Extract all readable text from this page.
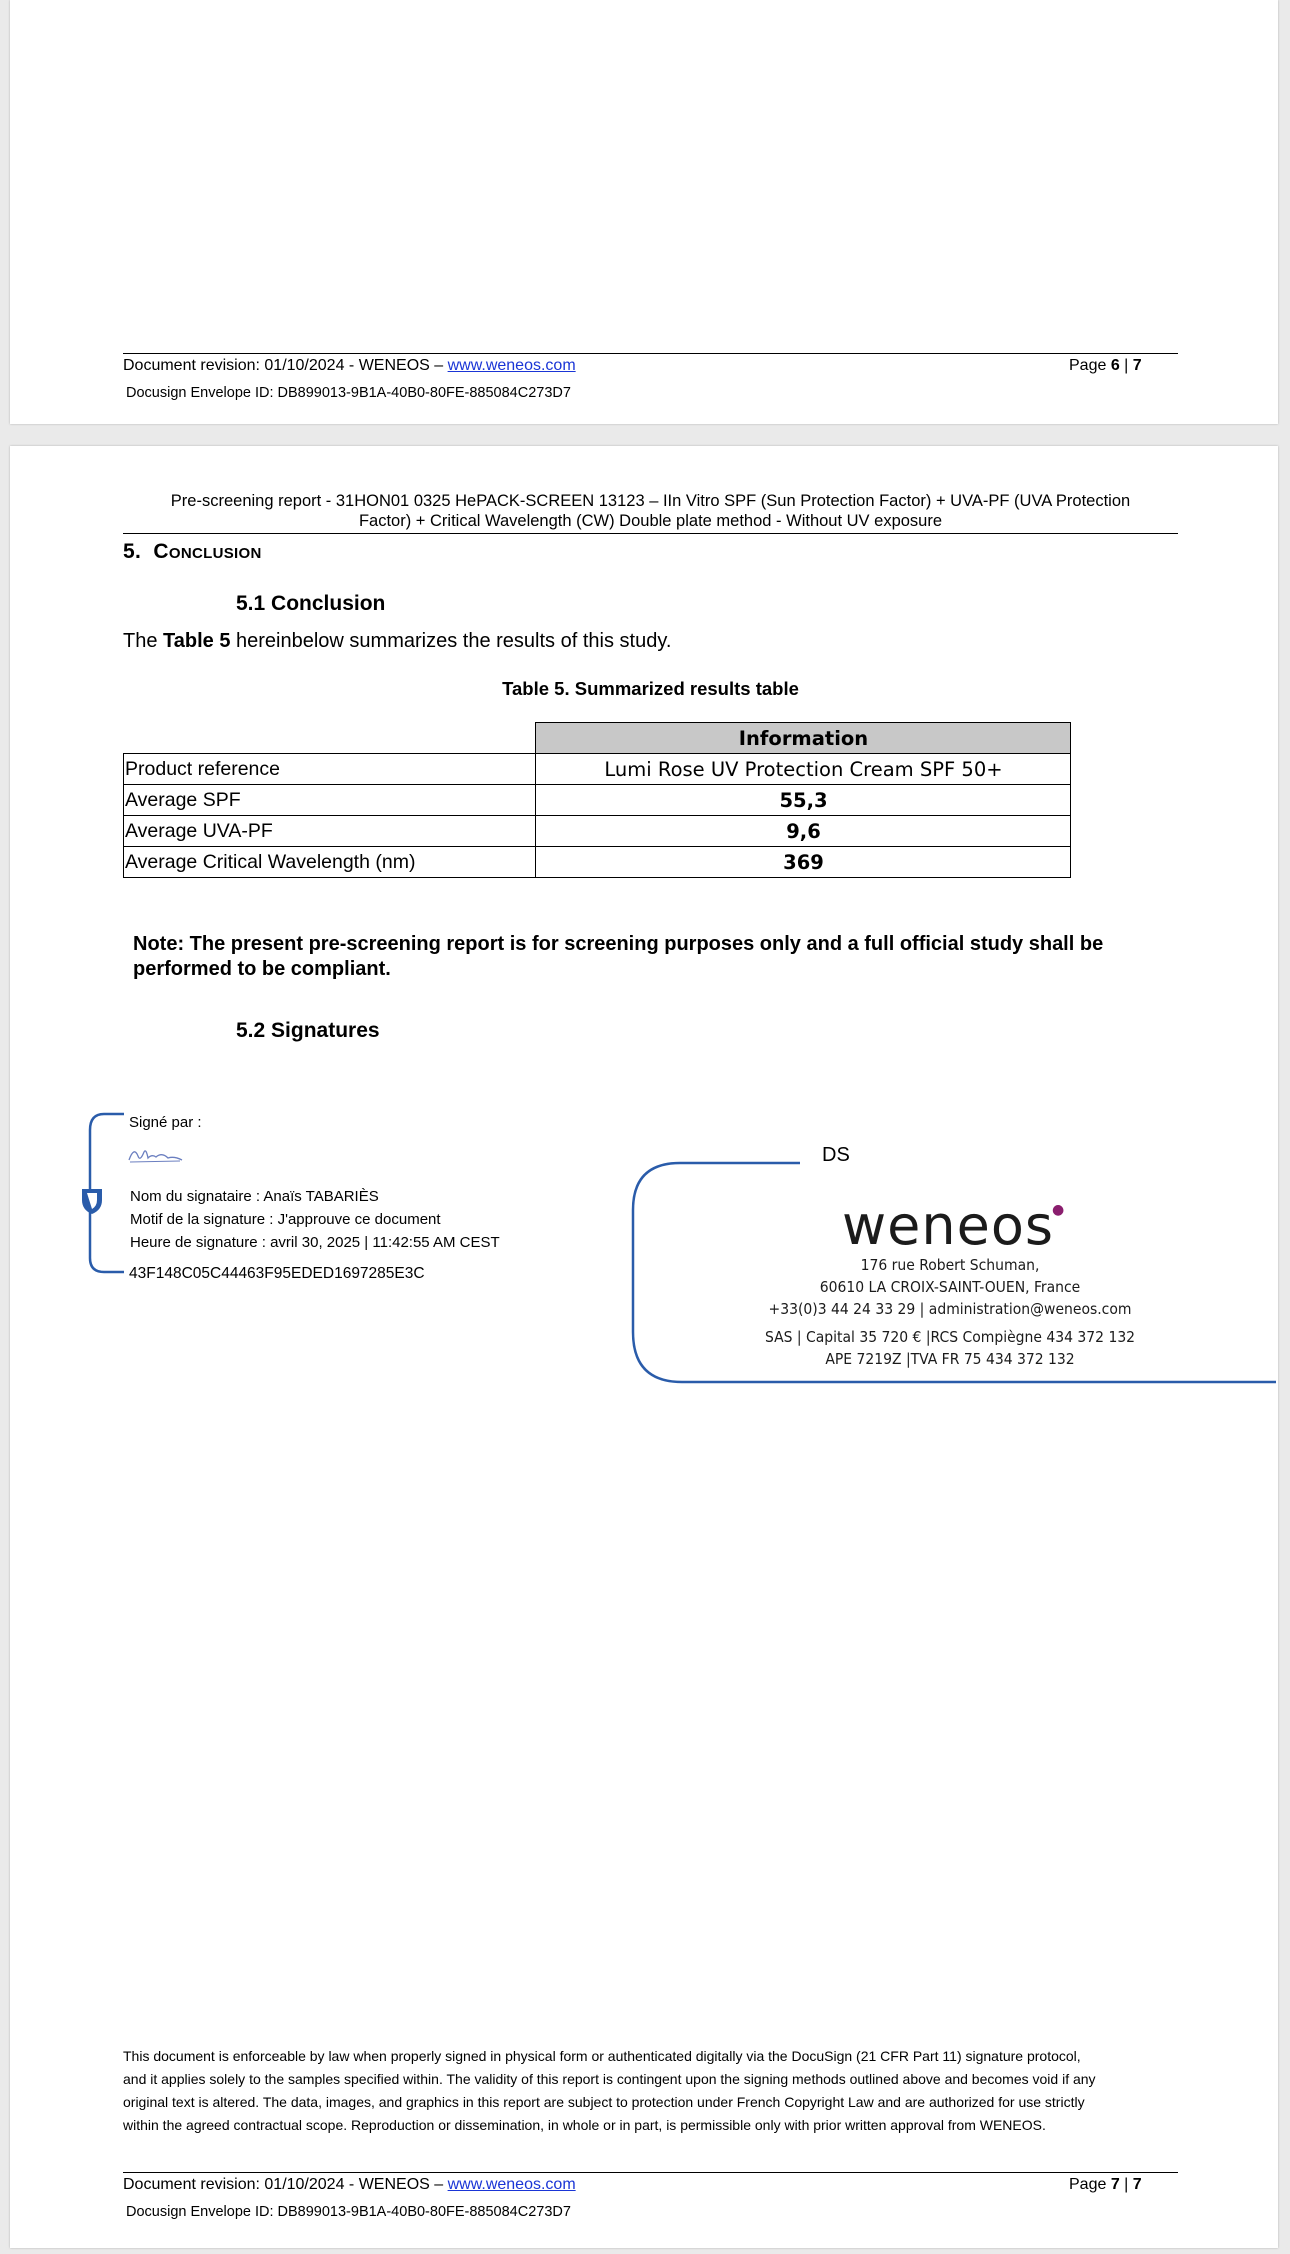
Document revision: 01/10/2024 - WENEOS – www.weneos.com	Page 6 | 7
Docusign Envelope ID: DB899013-9B1A-40B0-80FE-885084C273D7
Pre-screening report - 31HON01 0325 HePACK-SCREEN 13123 – IIn Vitro SPF (Sun Protection Factor) + UVA-PF (UVA Protection
Factor) + Critical Wavelength (CW) Double plate method - Without UV exposure
5. Conclusion
5.1 Conclusion
The Table 5 hereinbelow summarizes the results of this study.
Table 5. Summarized results table
	Information
Product reference	Lumi Rose UV Protection Cream SPF 50+
Average SPF	55,3
Average UVA-PF	9,6
Average Critical Wavelength (nm)	369
Note: The present pre-screening report is for screening purposes only and a full official study shall be
performed to be compliant.
5.2 Signatures
Signé par :
Nom du signataire : Anaïs TABARIÈS
Motif de la signature : J'approuve ce document
Heure de signature : avril 30, 2025 | 11:42:55 AM CEST
43F148C05C44463F95EDED1697285E3C
DS
weneos●
176 rue Robert Schuman,
60610 LA CROIX-SAINT-OUEN, France
+33(0)3 44 24 33 29 | administration@weneos.com
SAS | Capital 35 720 € |RCS Compiègne 434 372 132
APE 7219Z |TVA FR 75 434 372 132
This document is enforceable by law when properly signed in physical form or authenticated digitally via the DocuSign (21 CFR Part 11) signature protocol,
and it applies solely to the samples specified within. The validity of this report is contingent upon the signing methods outlined above and becomes void if any
original text is altered. The data, images, and graphics in this report are subject to protection under French Copyright Law and are authorized for use strictly
within the agreed contractual scope. Reproduction or dissemination, in whole or in part, is permissible only with prior written approval from WENEOS.
Document revision: 01/10/2024 - WENEOS – www.weneos.com	Page 7 | 7
Docusign Envelope ID: DB899013-9B1A-40B0-80FE-885084C273D7
